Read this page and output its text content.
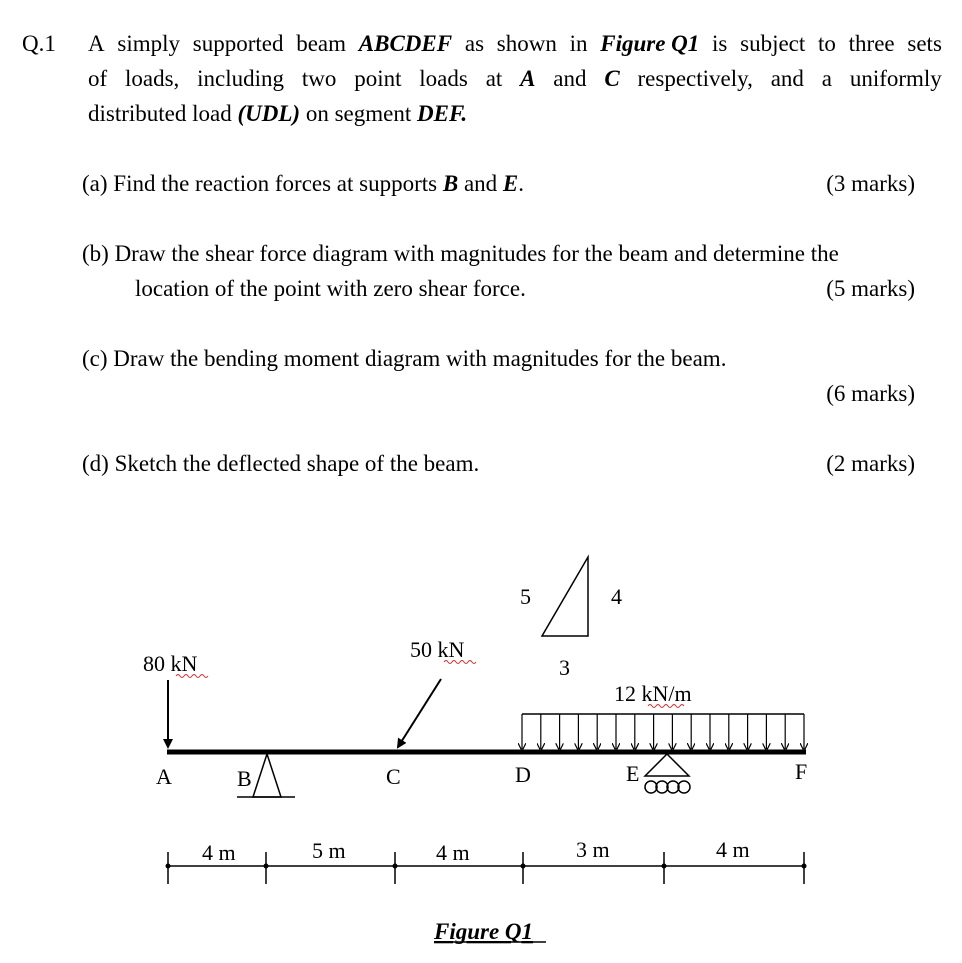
Q.1 A simply supported beam ABCDEF as shown in Figure Q1 is subject to three sets
of loads, including two point loads at A and C respectively, and a uniformly
distributed load (UDL) on segment DEF.
(a) Find the reaction forces at supports B and E.	(3 marks)
(b) Draw the shear force diagram with magnitudes for the beam and determine the
location of the point with zero shear force.	(5 marks)
(c) Draw the bending moment diagram with magnitudes for the beam.
(6 marks)
(d) Sketch the deflected shape of the beam.	(2 marks)
5	4
3
80 kN
50 kN
12 kN/m
A	B	C	D	E	F
4 m	5 m	4 m	3 m	4 m
Figure Q1
